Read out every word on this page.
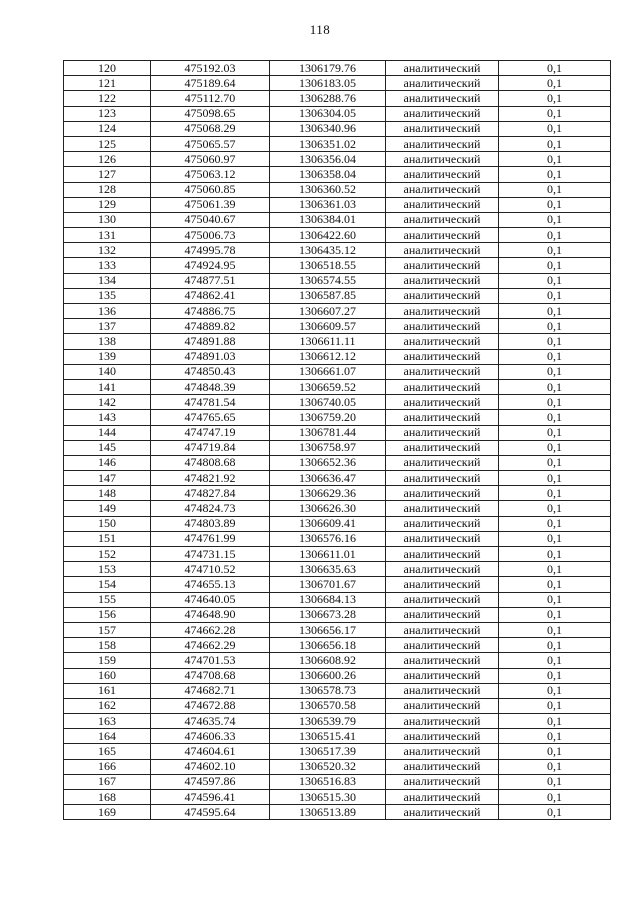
118
120	475192.03	1306179.76	аналитический	0,1
121	475189.64	1306183.05	аналитический	0,1
122	475112.70	1306288.76	аналитический	0,1
123	475098.65	1306304.05	аналитический	0,1
124	475068.29	1306340.96	аналитический	0,1
125	475065.57	1306351.02	аналитический	0,1
126	475060.97	1306356.04	аналитический	0,1
127	475063.12	1306358.04	аналитический	0,1
128	475060.85	1306360.52	аналитический	0,1
129	475061.39	1306361.03	аналитический	0,1
130	475040.67	1306384.01	аналитический	0,1
131	475006.73	1306422.60	аналитический	0,1
132	474995.78	1306435.12	аналитический	0,1
133	474924.95	1306518.55	аналитический	0,1
134	474877.51	1306574.55	аналитический	0,1
135	474862.41	1306587.85	аналитический	0,1
136	474886.75	1306607.27	аналитический	0,1
137	474889.82	1306609.57	аналитический	0,1
138	474891.88	1306611.11	аналитический	0,1
139	474891.03	1306612.12	аналитический	0,1
140	474850.43	1306661.07	аналитический	0,1
141	474848.39	1306659.52	аналитический	0,1
142	474781.54	1306740.05	аналитический	0,1
143	474765.65	1306759.20	аналитический	0,1
144	474747.19	1306781.44	аналитический	0,1
145	474719.84	1306758.97	аналитический	0,1
146	474808.68	1306652.36	аналитический	0,1
147	474821.92	1306636.47	аналитический	0,1
148	474827.84	1306629.36	аналитический	0,1
149	474824.73	1306626.30	аналитический	0,1
150	474803.89	1306609.41	аналитический	0,1
151	474761.99	1306576.16	аналитический	0,1
152	474731.15	1306611.01	аналитический	0,1
153	474710.52	1306635.63	аналитический	0,1
154	474655.13	1306701.67	аналитический	0,1
155	474640.05	1306684.13	аналитический	0,1
156	474648.90	1306673.28	аналитический	0,1
157	474662.28	1306656.17	аналитический	0,1
158	474662.29	1306656.18	аналитический	0,1
159	474701.53	1306608.92	аналитический	0,1
160	474708.68	1306600.26	аналитический	0,1
161	474682.71	1306578.73	аналитический	0,1
162	474672.88	1306570.58	аналитический	0,1
163	474635.74	1306539.79	аналитический	0,1
164	474606.33	1306515.41	аналитический	0,1
165	474604.61	1306517.39	аналитический	0,1
166	474602.10	1306520.32	аналитический	0,1
167	474597.86	1306516.83	аналитический	0,1
168	474596.41	1306515.30	аналитический	0,1
169	474595.64	1306513.89	аналитический	0,1
